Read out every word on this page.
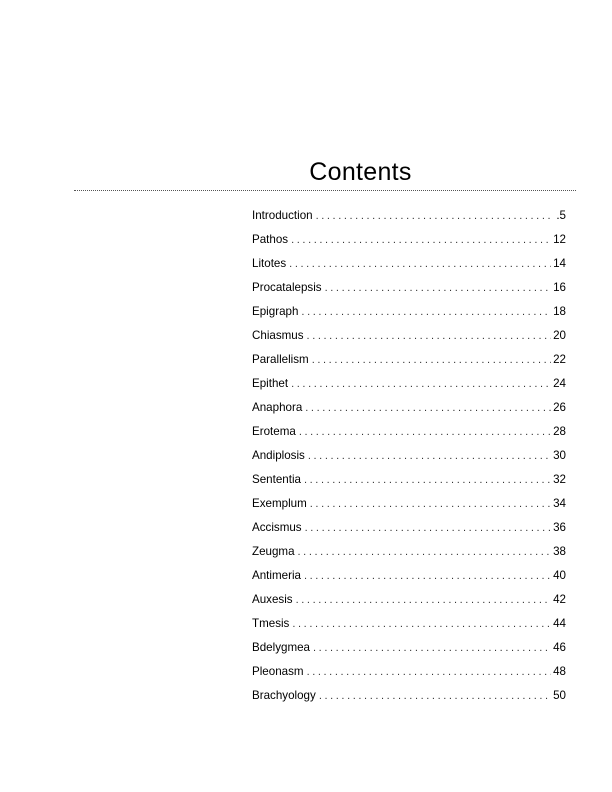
Contents
Introduction .....	.5
Pathos .....	12
Litotes .....	14
Procatalepsis .....	16
Epigraph .....	18
Chiasmus .....	20
Parallelism .....	22
Epithet .....	24
Anaphora .....	26
Erotema .....	28
Andiplosis .....	30
Sententia .....	32
Exemplum .....	34
Accismus .....	36
Zeugma .....	38
Antimeria .....	40
Auxesis .....	42
Tmesis .....	44
Bdelygmea .....	46
Pleonasm .....	48
Brachyology .....	50
